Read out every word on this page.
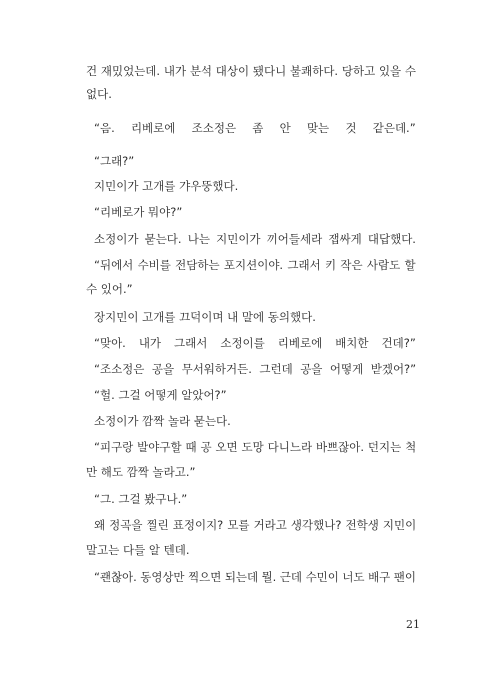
건 재밌었는데. 내가 분석 대상이 됐다니 불쾌하다. 당하고 있을 수
없다.
“음. 리베로에 조소정은 좀 안 맞는 것 같은데.”
“그래?”
지민이가 고개를 갸우뚱했다.
“리베로가 뭐야?”
소정이가 묻는다. 나는 지민이가 끼어들세라 잽싸게 대답했다.
“뒤에서 수비를 전담하는 포지션이야. 그래서 키 작은 사람도 할
수 있어.”
장지민이 고개를 끄덕이며 내 말에 동의했다.
“맞아. 내가 그래서 소정이를 리베로에 배치한 건데?”
“조소정은 공을 무서워하거든. 그런데 공을 어떻게 받겠어?”
“헐. 그걸 어떻게 알았어?”
소정이가 깜짝 놀라 묻는다.
“피구랑 발야구할 때 공 오면 도망 다니느라 바쁘잖아. 던지는 척
만 해도 깜짝 놀라고.”
“그. 그걸 봤구나.”
왜 정곡을 찔린 표정이지? 모를 거라고 생각했나? 전학생 지민이
말고는 다들 알 텐데.
“괜찮아. 동영상만 찍으면 되는데 뭘. 근데 수민이 너도 배구 팬이
21
